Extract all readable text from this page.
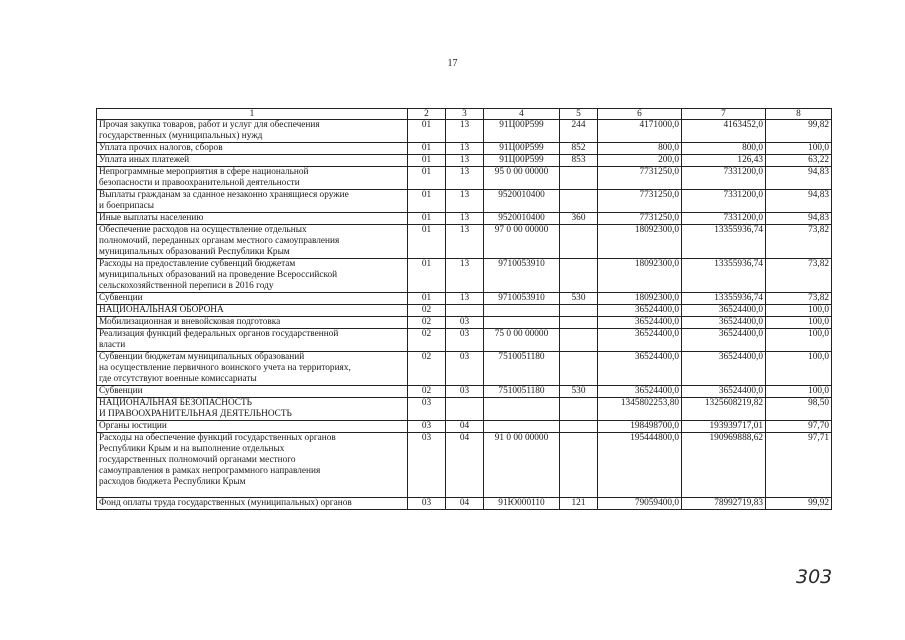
17
1	2	3	4	5	6	7	8
Прочая закупка товаров, работ и услуг для обеспечения
государственных (муниципальных) нужд	01	13	91Ц00Р599	244	4171000,0	4163452,0	99,82
Уплата прочих налогов, сборов	01	13	91Ц00Р599	852	800,0	800,0	100,0
Уплата иных платежей	01	13	91Ц00Р599	853	200,0	126,43	63,22
Непрограммные мероприятия в сфере национальной
безопасности и правоохранительной деятельности	01	13	95 0 00 00000		7731250,0	7331200,0	94,83
Выплаты гражданам за сданное незаконно хранящиеся оружие
и боеприпасы	01	13	9520010400		7731250,0	7331200,0	94,83
Иные выплаты населению	01	13	9520010400	360	7731250,0	7331200,0	94,83
Обеспечение расходов на осуществление отдельных
полномочий, переданных органам местного самоуправления
муниципальных образований Республики Крым	01	13	97 0 00 00000		18092300,0	13355936,74	73,82
Расходы на предоставление субвенций бюджетам
муниципальных образований на проведение Всероссийской
сельскохозяйственной переписи в 2016 году	01	13	9710053910		18092300,0	13355936,74	73,82
Субвенции	01	13	9710053910	530	18092300,0	13355936,74	73,82
НАЦИОНАЛЬНАЯ ОБОРОНА	02				36524400,0	36524400,0	100,0
Мобилизационная и вневойсковая подготовка	02	03			36524400,0	36524400,0	100,0
Реализация функций федеральных органов государственной
власти	02	03	75 0 00 00000		36524400,0	36524400,0	100,0
Субвенции бюджетам муниципальных образований
на осуществление первичного воинского учета на территориях,
где отсутствуют военные комиссариаты	02	03	7510051180		36524400,0	36524400,0	100,0
Субвенции	02	03	7510051180	530	36524400,0	36524400,0	100,0
НАЦИОНАЛЬНАЯ БЕЗОПАСНОСТЬ
И ПРАВООХРАНИТЕЛЬНАЯ ДЕЯТЕЛЬНОСТЬ	03				1345802253,80	1325608219,82	98,50
Органы юстиции	03	04			198498700,0	193939717,01	97,70
Расходы на обеспечение функций государственных органов
Республики Крым и на выполнение отдельных
государственных полномочий органами местного
самоуправления в рамках непрограммного направления
расходов бюджета Республики Крым	03	04	91 0 00 00000		195444800,0	190969888,62	97,71
Фонд оплаты труда государственных (муниципальных) органов	03	04	91Ю000110	121	79059400,0	78992719,83	99,92
303
